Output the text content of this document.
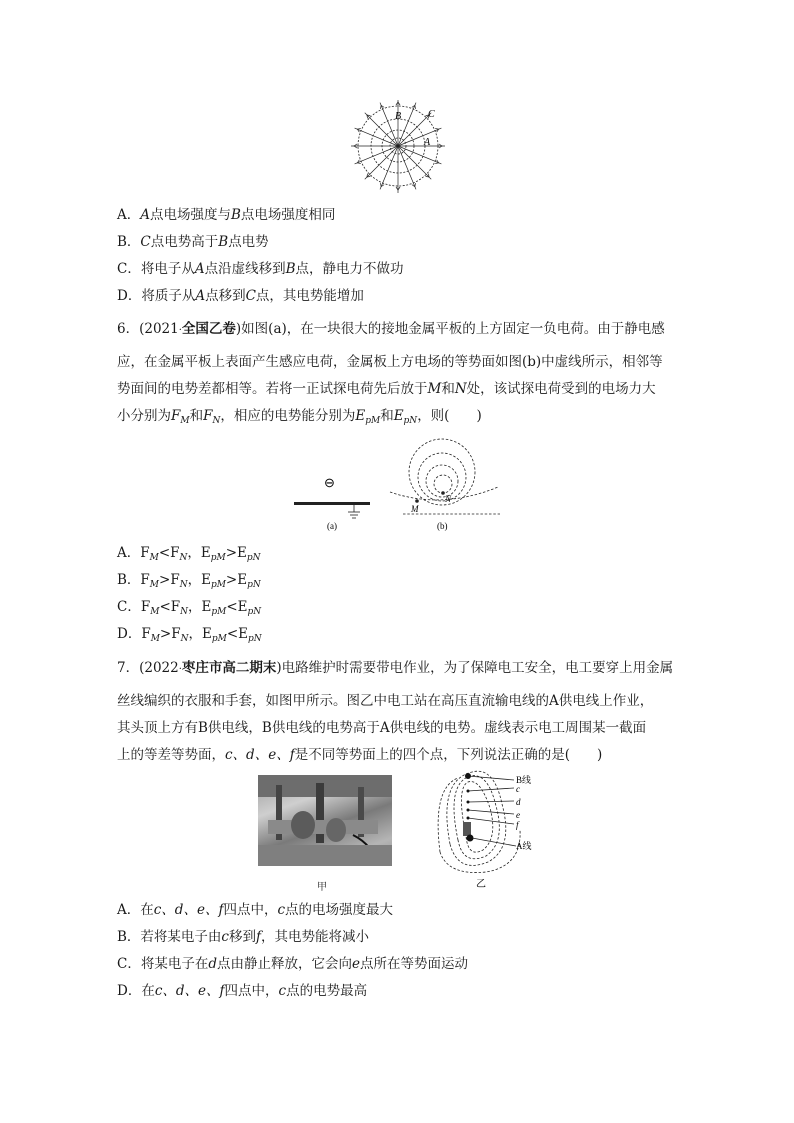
B	C
A
A．A点电场强度与B点电场强度相同
B．C点电势高于B点电势
C．将电子从A点沿虚线移到B点，静电力不做功
D．将质子从A点移到C点，其电势能增加
6．(2021·全国乙卷)如图(a)，在一块很大的接地金属平板的上方固定一负电荷。由于静电感
应，在金属平板上表面产生感应电荷，金属板上方电场的等势面如图(b)中虚线所示，相邻等
势面间的电势差都相等。若将一正试探电荷先后放于M和N处，该试探电荷受到的电场力大
小分别为$F_M$和$F_N$，相应的电势能分别为$E_{pM}$和$E_{pN}$，则(　　)
⊖
(a)
M
N
(b)
A．$F_M<F_N$，$E_{pM}>E_{pN}$
B．$F_M>F_N$，$E_{pM}>E_{pN}$
C．$F_M<F_N$，$E_{pM}<E_{pN}$
D．$F_M>F_N$，$E_{pM}<E_{pN}$
7．(2022·枣庄市高二期末)电路维护时需要带电作业，为了保障电工安全，电工要穿上用金属
丝线编织的衣服和手套，如图甲所示。图乙中电工站在高压直流输电线的A供电线上作业，
其头顶上方有B供电线，B供电线的电势高于A供电线的电势。虚线表示电工周围某一截面
上的等差等势面，c、d、e、f是不同等势面上的四个点，下列说法正确的是(　　)
甲
B线
c
d
e
f
A线
乙
A．在c、d、e、f四点中，c点的电场强度最大
B．若将某电子由c移到f，其电势能将减小
C．将某电子在d点由静止释放，它会向e点所在等势面运动
D．在c、d、e、f四点中，c点的电势最高
